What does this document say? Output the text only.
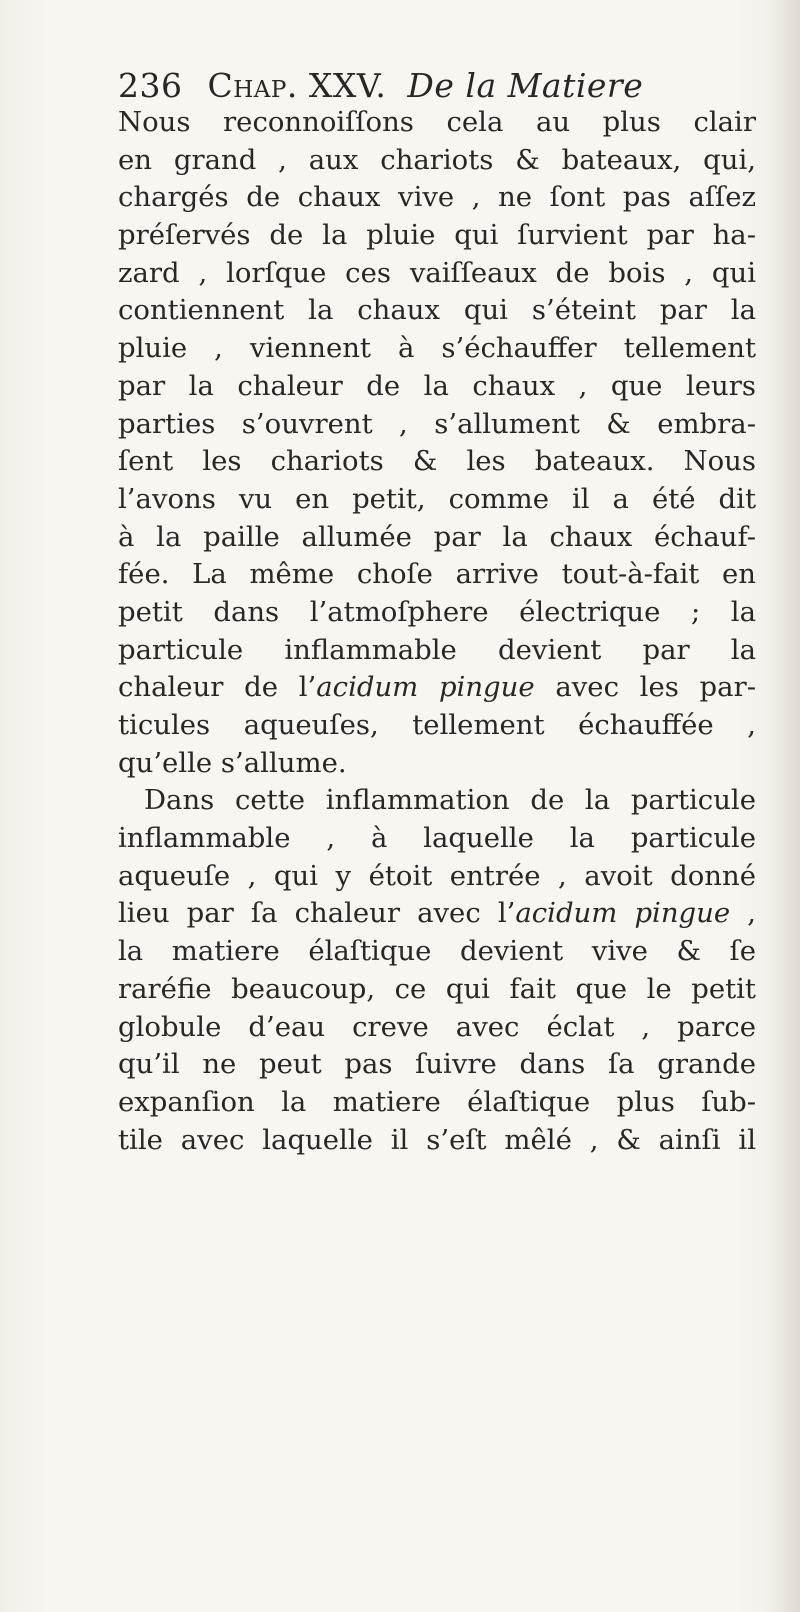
236 Chap. XXV. De la Matiere
Nous reconnoiſſons cela au plus clair
en grand , aux chariots & bateaux, qui,
chargés de chaux vive , ne ſont pas aſſez
préſervés de la pluie qui ſurvient par ha-
zard , lorſque ces vaiſſeaux de bois , qui
contiennent la chaux qui s’éteint par la
pluie , viennent à s’échauffer tellement
par la chaleur de la chaux , que leurs
parties s’ouvrent , s’allument & embra-
ſent les chariots & les bateaux. Nous
l’avons vu en petit, comme il a été dit
à la paille allumée par la chaux échauf-
fée. La même choſe arrive tout-à-fait en
petit dans l’atmoſphere électrique ; la
particule inflammable devient par la
chaleur de l’acidum pingue avec les par-
ticules aqueuſes, tellement échauffée ,
qu’elle s’allume.
Dans cette inflammation de la particule
inflammable , à laquelle la particule
aqueuſe , qui y étoit entrée , avoit donné
lieu par ſa chaleur avec l’acidum pingue ,
la matiere élaſtique devient vive & ſe
raréfie beaucoup, ce qui fait que le petit
globule d’eau creve avec éclat , parce
qu’il ne peut pas ſuivre dans ſa grande
expanſion la matiere élaſtique plus ſub-
tile avec laquelle il s’eſt mêlé , & ainſi il
